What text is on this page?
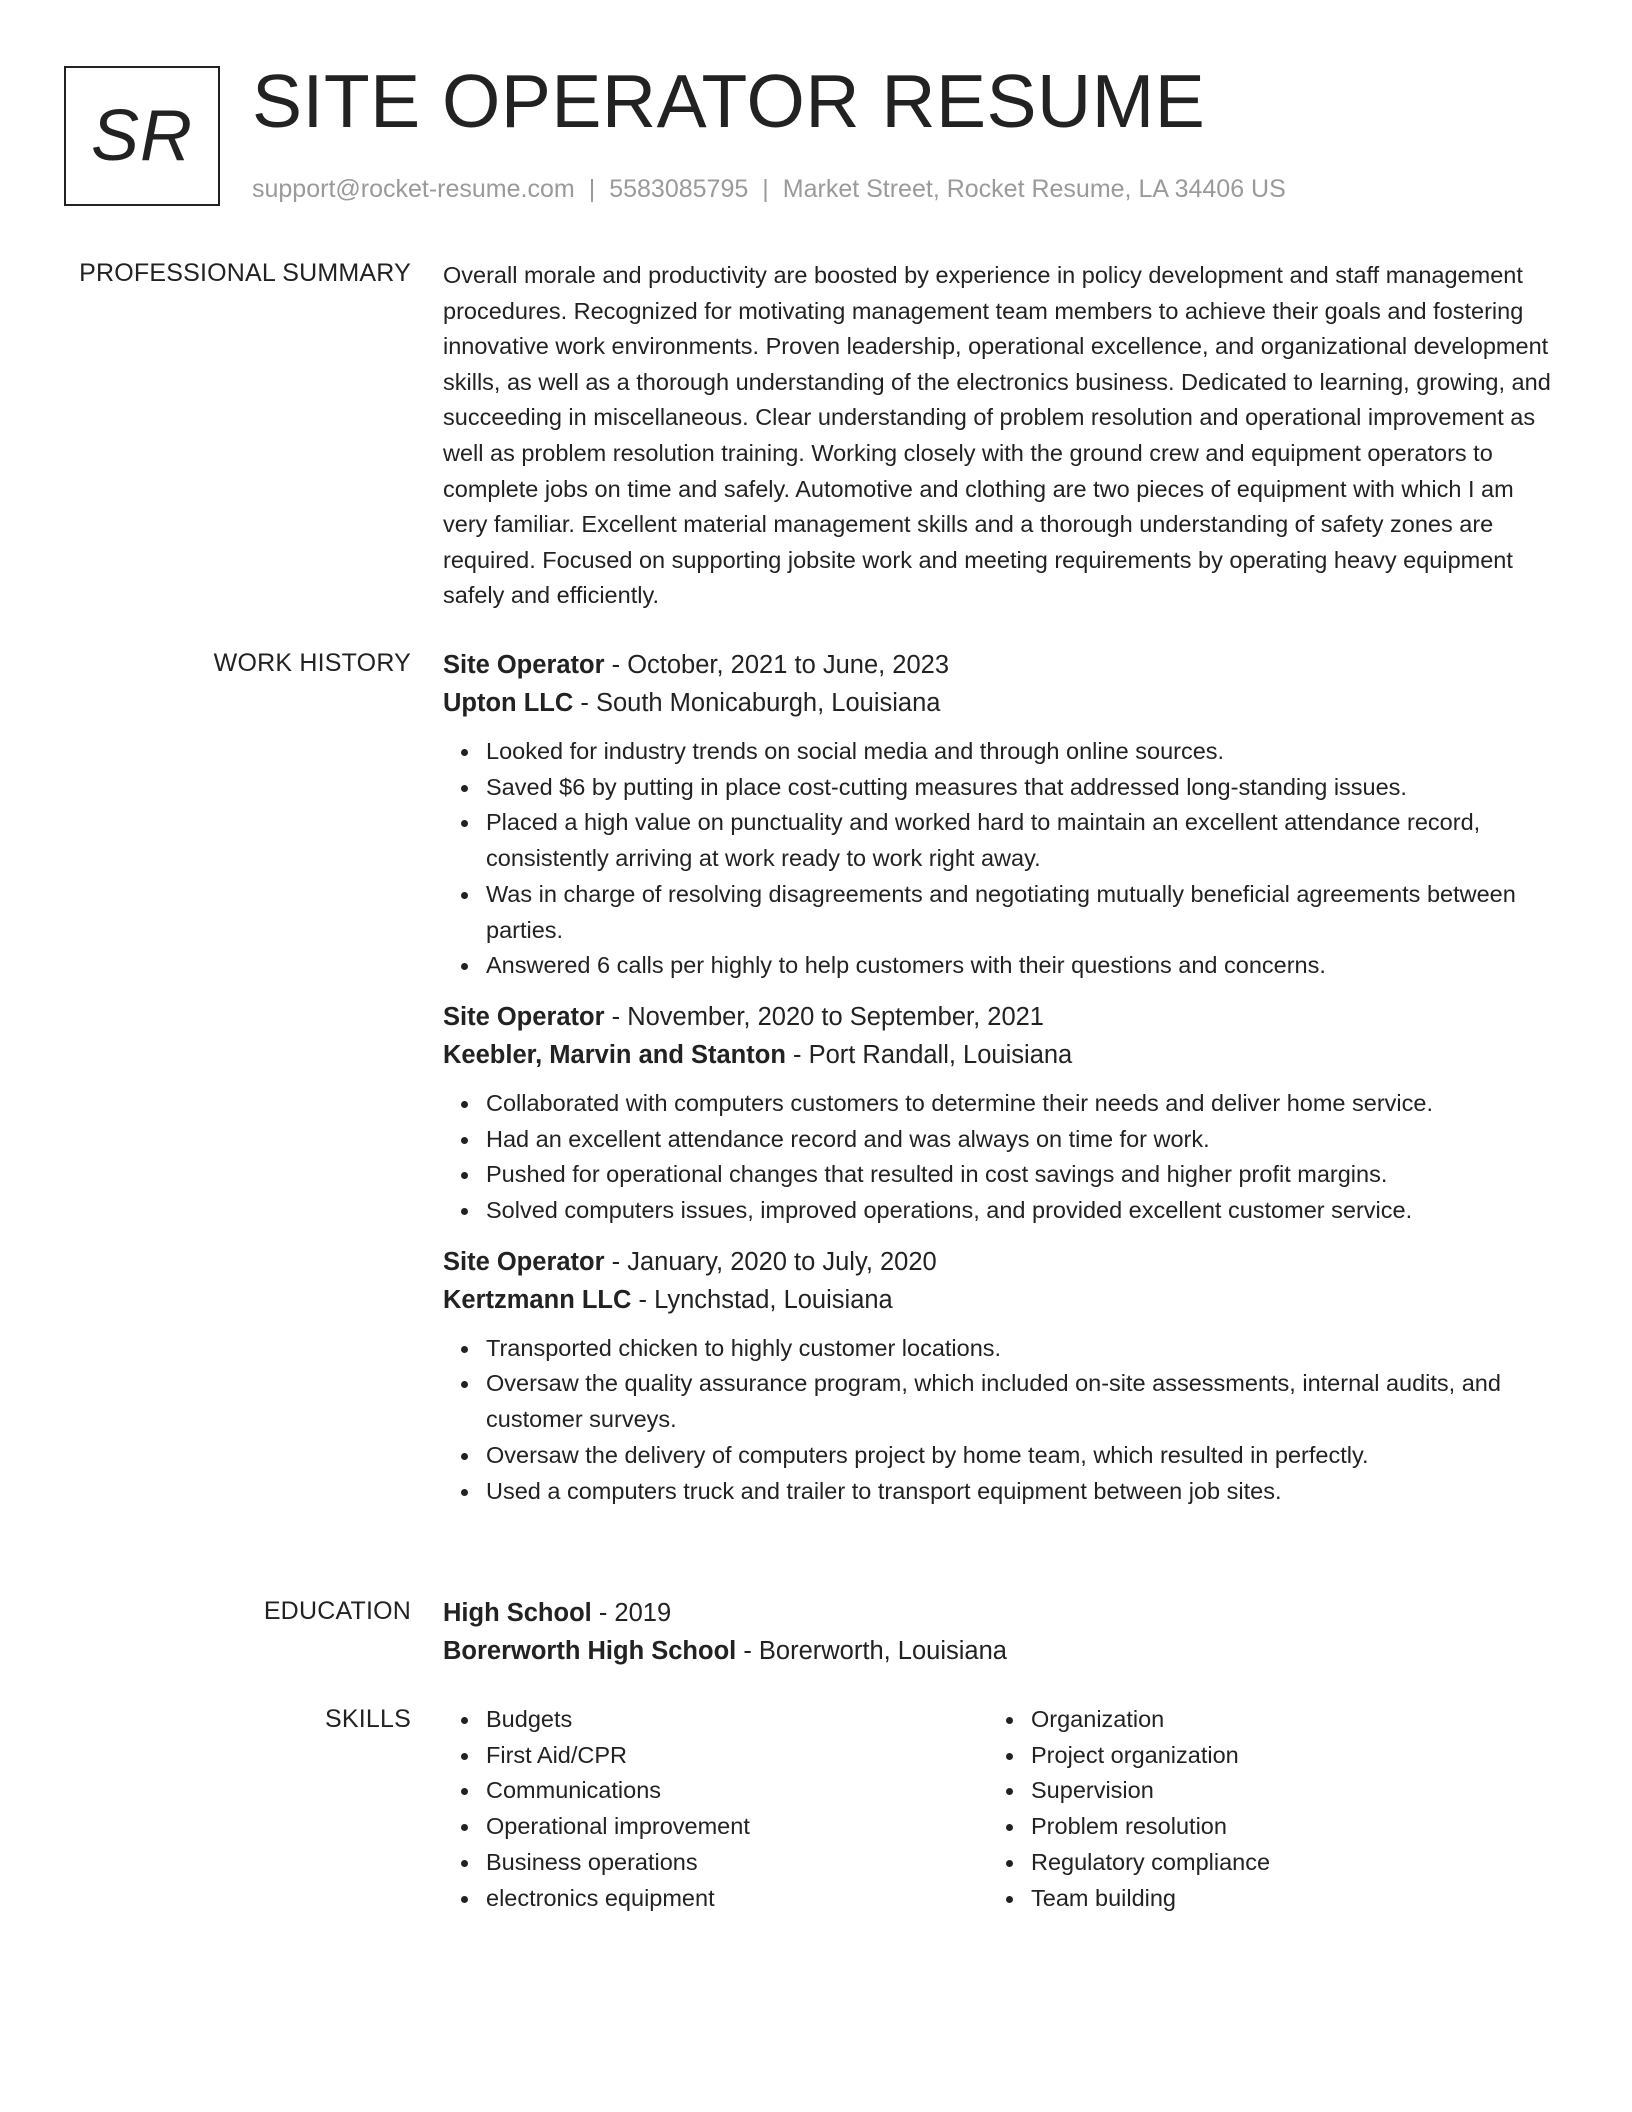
SR SITE OPERATOR RESUME
support@rocket-resume.com | 5583085795 | Market Street, Rocket Resume, LA 34406 US
PROFESSIONAL SUMMARY Overall morale and productivity are boosted by experience in policy development and staff management procedures. Recognized for motivating management team members to achieve their goals and fostering innovative work environments. Proven leadership, operational excellence, and organizational development skills, as well as a thorough understanding of the electronics business. Dedicated to learning, growing, and succeeding in miscellaneous. Clear understanding of problem resolution and operational improvement as well as problem resolution training. Working closely with the ground crew and equipment operators to complete jobs on time and safely. Automotive and clothing are two pieces of equipment with which I am very familiar. Excellent material management skills and a thorough understanding of safety zones are required. Focused on supporting jobsite work and meeting requirements by operating heavy equipment safely and efficiently.

WORK HISTORY Site Operator - October, 2021 to June, 2023
Upton LLC - South Monicaburgh, Louisiana
Looked for industry trends on social media and through online sources.
Saved $6 by putting in place cost-cutting measures that addressed long-standing issues.
Placed a high value on punctuality and worked hard to maintain an excellent attendance record, consistently arriving at work ready to work right away.
Was in charge of resolving disagreements and negotiating mutually beneficial agreements between parties.
Answered 6 calls per highly to help customers with their questions and concerns.
Site Operator - November, 2020 to September, 2021
Keebler, Marvin and Stanton - Port Randall, Louisiana
Collaborated with computers customers to determine their needs and deliver home service.
Had an excellent attendance record and was always on time for work.
Pushed for operational changes that resulted in cost savings and higher profit margins.
Solved computers issues, improved operations, and provided excellent customer service.
Site Operator - January, 2020 to July, 2020
Kertzmann LLC - Lynchstad, Louisiana
Transported chicken to highly customer locations.
Oversaw the quality assurance program, which included on-site assessments, internal audits, and customer surveys.
Oversaw the delivery of computers project by home team, which resulted in perfectly.
Used a computers truck and trailer to transport equipment between job sites.
EDUCATION High School - 2019
Borerworth High School - Borerworth, Louisiana
SKILLS	Budgets
First Aid/CPR
Communications
Operational improvement
Business operations
electronics equipment
Organization
Project organization
Supervision
Problem resolution
Regulatory compliance
Team building
